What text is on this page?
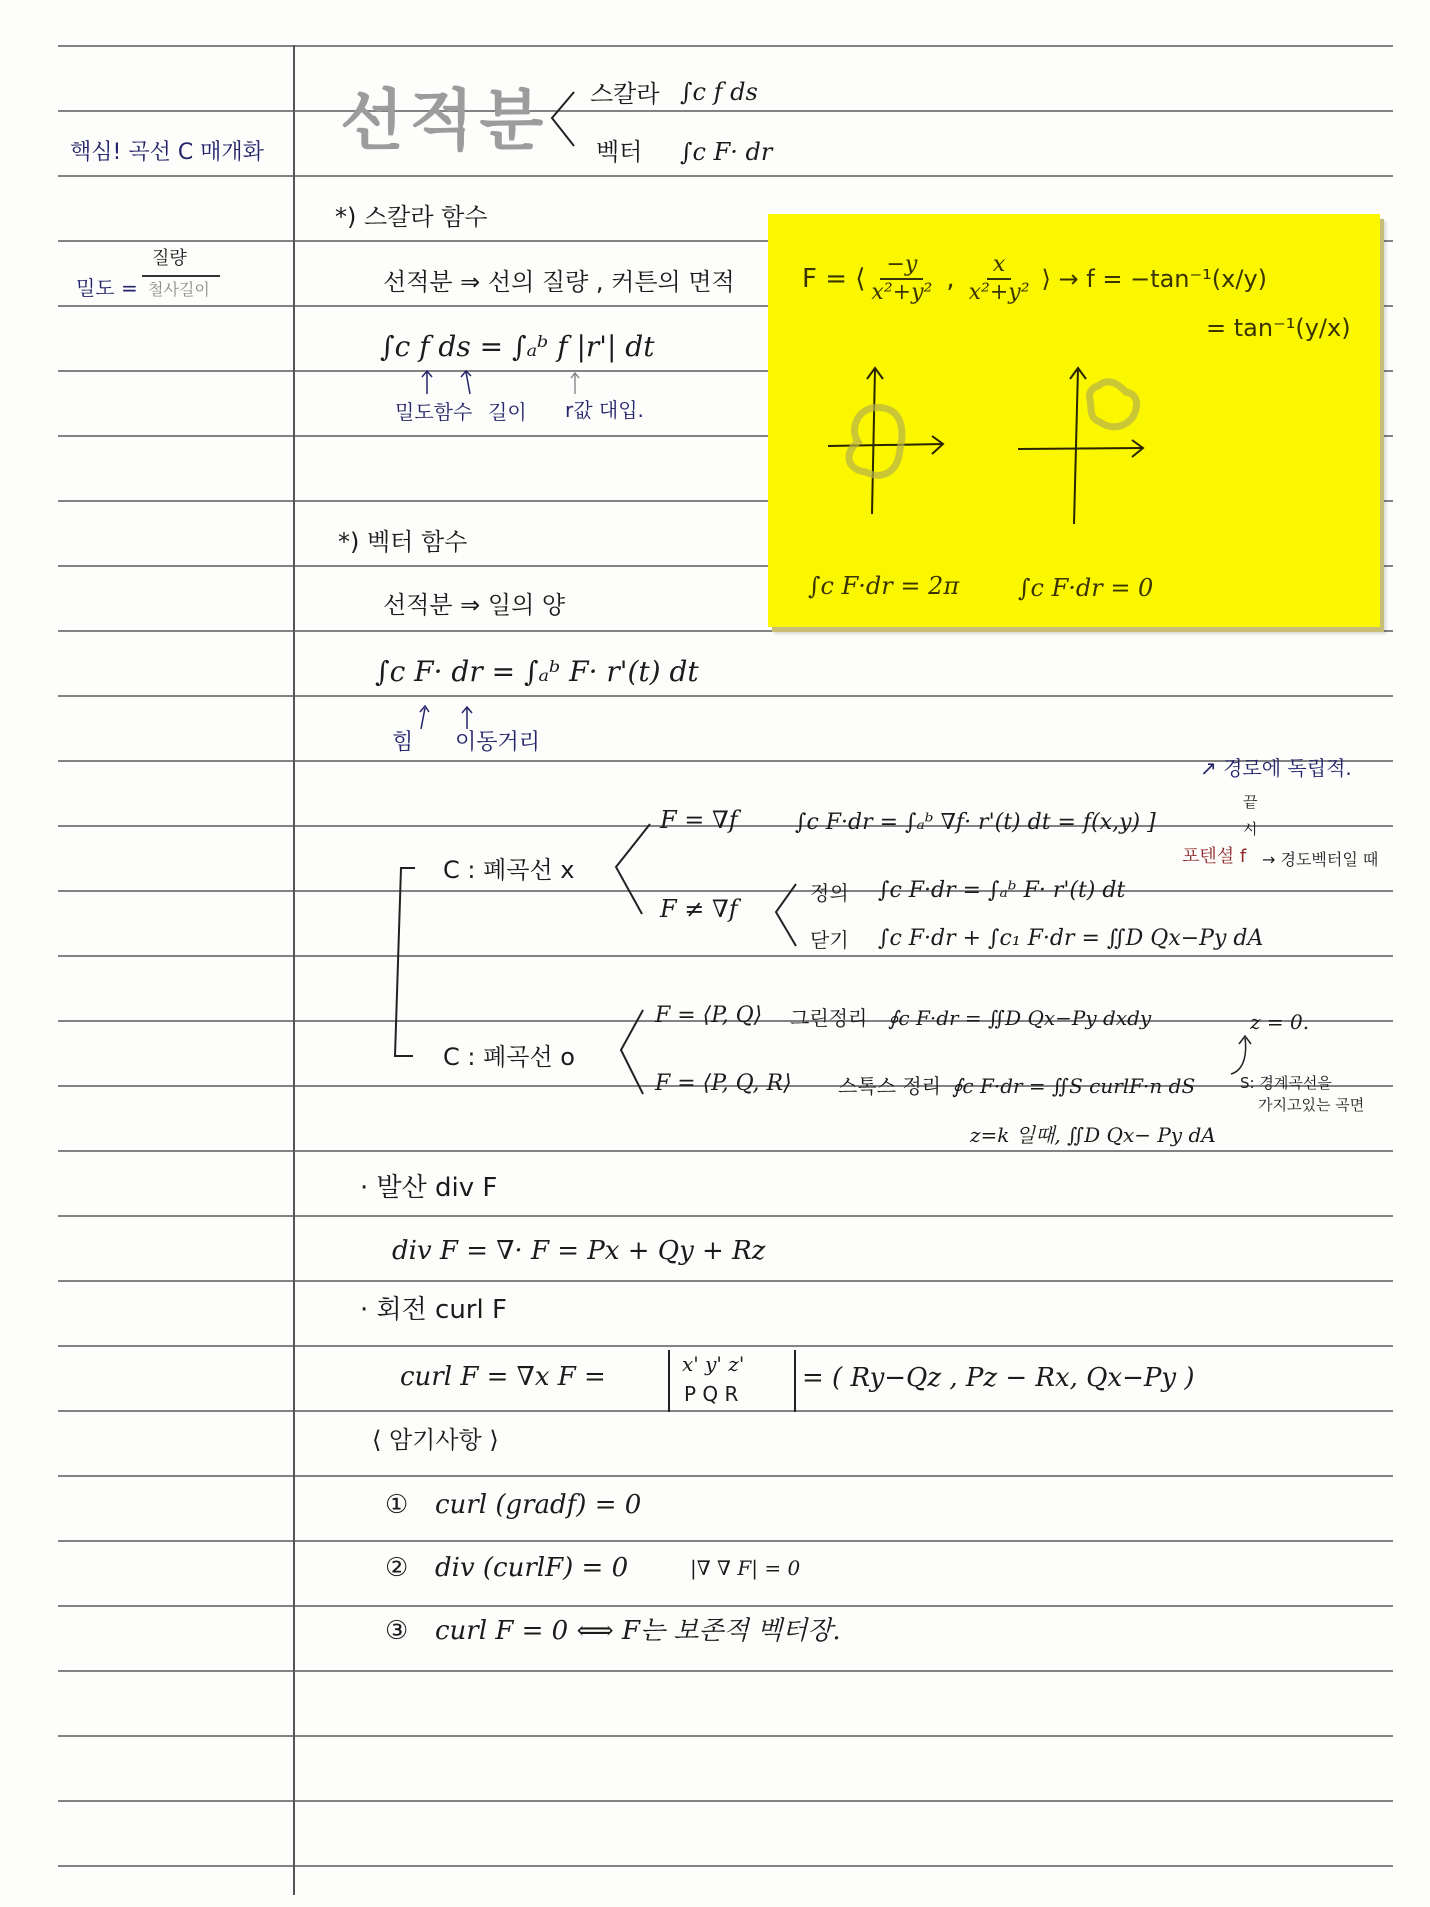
핵심! 곡선 C 매개화
밀도 =
질량
철사길이
선적분 스칼라 ∫c f ds
벡터 ∫c F· dr
*) 스칼라 함수
선적분 ⇒ 선의 질량 , 커튼의 면적
∫c f ds = ∫ₐᵇ f |r'| dt
밀도함수 길이 r값 대입.
F = ⟨ $\frac{-y}{\text{x²+y²}}$ , $\frac{x}{\text{x²+y²}}$ ⟩ → f = −tan⁻¹(x/y)
= tan⁻¹(y/x)
∫c F·dr = 2π ∫c F·dr = 0
*) 벡터 함수
선적분 ⇒ 일의 양
∫c F· dr = ∫ₐᵇ F· r'(t) dt
힘 이동거리
↗ 경로에 독립적.
C : 폐곡선 x
F = ∇f	∫c F·dr = ∫ₐᵇ ∇f· r'(t) dt = f(x,y) ]
끝
시
포텐셜 f → 경도벡터일 때
F ≠ ∇f
정의 ∫c F·dr = ∫ₐᵇ F· r'(t) dt
닫기 ∫c F·dr + ∫c₁ F·dr = ∬D Qx−Py dA
C : 폐곡선 o
F = ⟨P, Q⟩ 그린정리 ∮c F·dr = ∬D Qx−Py dxdy	z = 0.
F = ⟨P, Q, R⟩ 스톡스 정리 ∮c F·dr = ∬S curlF·n dS	S: 경계곡선을
가지고있는 곡면
z=k 일때, ∬D Qx− Py dA
· 발산 div F
div F = ∇· F = Px + Qy + Rz
· 회전 curl F
curl F = ∇x F =	x' y' z'
P Q R
= ( Ry−Qz , Pz − Rx, Qx−Py )
⟨ 암기사항 ⟩
① curl (gradf) = 0
② div (curlF) = 0	|∇ ∇ F| = 0
③ curl F = 0 ⟺ F는 보존적 벡터장.
